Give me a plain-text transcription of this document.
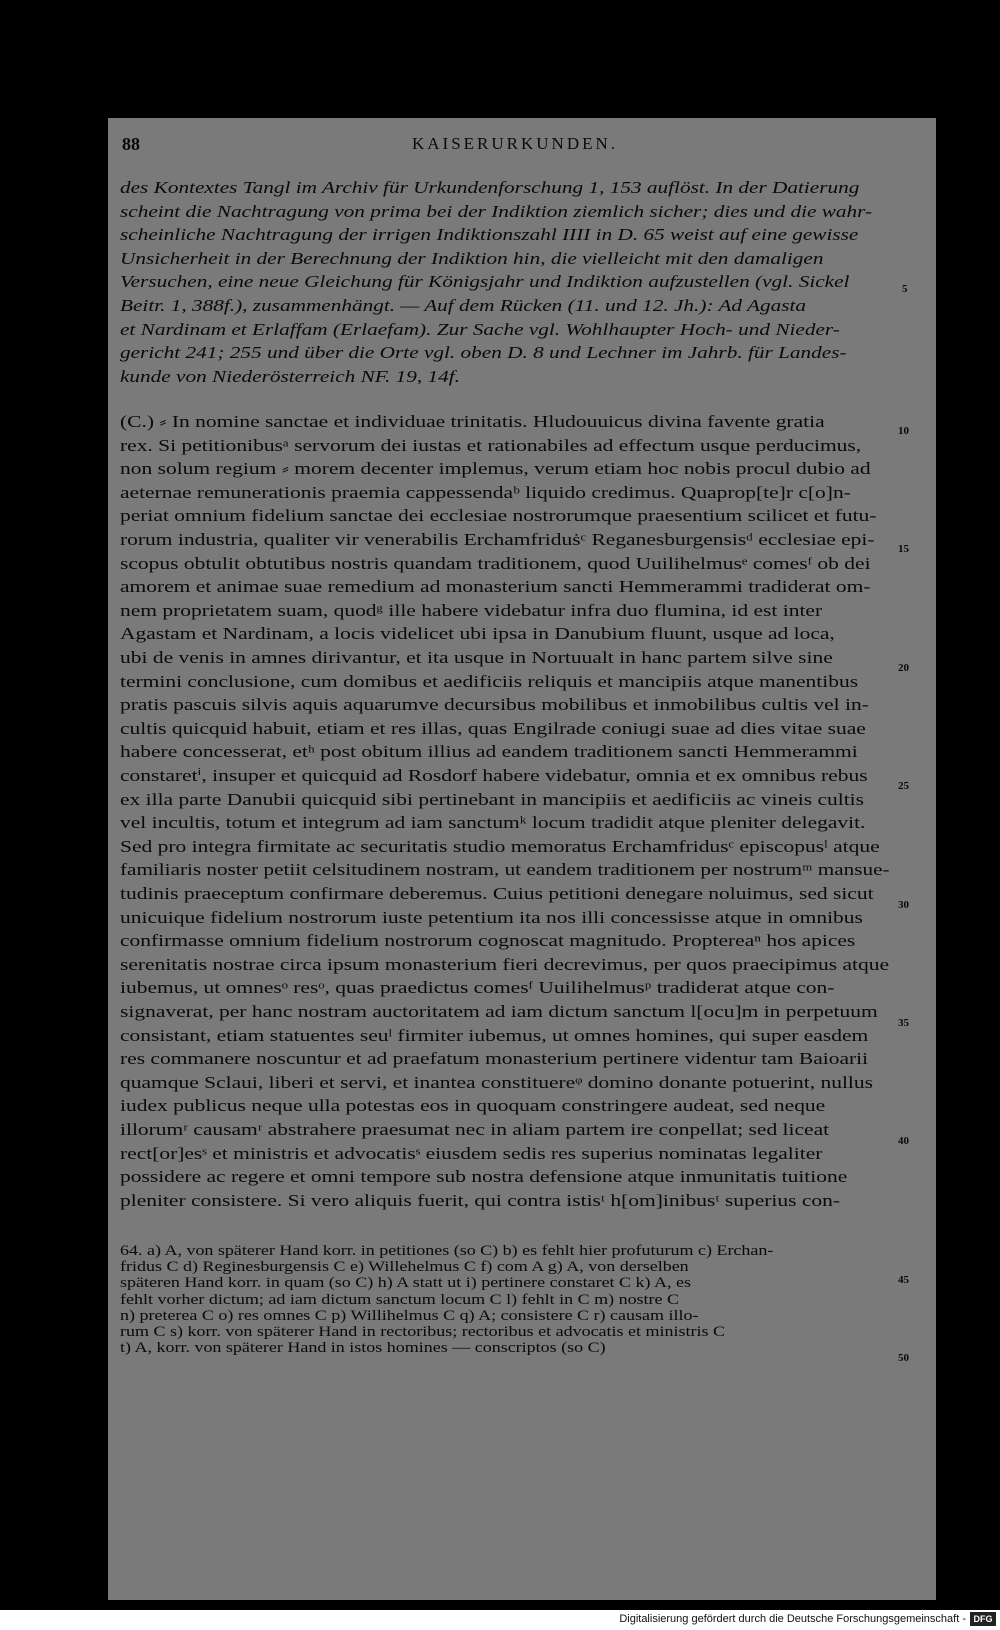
88	KAISERURKUNDEN.
des Kontextes Tangl im Archiv für Urkundenforschung 1, 153 auflöst. In der Datierung
scheint die Nachtragung von prima bei der Indiktion ziemlich sicher; dies und die wahr-
scheinliche Nachtragung der irrigen Indiktionszahl IIII in D. 65 weist auf eine gewisse
Unsicherheit in der Berechnung der Indiktion hin, die vielleicht mit den damaligen
Versuchen, eine neue Gleichung für Königsjahr und Indiktion aufzustellen (vgl. Sickel
Beitr. 1, 388f.), zusammenhängt. — Auf dem Rücken (11. und 12. Jh.): Ad Agasta
et Nardinam et Erlaffam (Erlaefam). Zur Sache vgl. Wohlhaupter Hoch- und Nieder-
gericht 241; 255 und über die Orte vgl. oben D. 8 und Lechner im Jahrb. für Landes-
kunde von Niederösterreich NF. 19, 14f.
(C.) ⸗ In nomine sanctae et individuae trinitatis. Hludouuicus divina favente gratia
rex. Si petitionibusᵃ servorum dei iustas et rationabiles ad effectum usque perducimus,
non solum regium ⸗ morem decenter implemus, verum etiam hoc nobis procul dubio ad
aeternae remunerationis praemia cappessendaᵇ liquido credimus. Quaprop[te]r c[o]n-
periat omnium fidelium sanctae dei ecclesiae nostrorumque praesentium scilicet et futu-
rorum industria, qualiter vir venerabilis Erchamfriduṡᶜ Reganesburgensisᵈ ecclesiae epi-
scopus obtulit obtutibus nostris quandam traditionem, quod Uuilihelmusᵉ comesᶠ ob dei
amorem et animae suae remedium ad monasterium sancti Hemmerammi tradiderat om-
nem proprietatem suam, quodᵍ ille habere videbatur infra duo flumina, id est inter
Agastam et Nardinam, a locis videlicet ubi ipsa in Danubium fluunt, usque ad loca,
ubi de venis in amnes dirivantur, et ita usque in Nortuualt in hanc partem silve sine
termini conclusione, cum domibus et aedificiis reliquis et mancipiis atque manentibus
pratis pascuis silvis aquis aquarumve decursibus mobilibus et inmobilibus cultis vel in-
cultis quicquid habuit, etiam et res illas, quas Engilrade coniugi suae ad dies vitae suae
habere concesserat, etʰ post obitum illius ad eandem traditionem sancti Hemmerammi
constaretⁱ, insuper et quicquid ad Rosdorf habere videbatur, omnia et ex omnibus rebus
ex illa parte Danubii quicquid sibi pertinebant in mancipiis et aedificiis ac vineis cultis
vel incultis, totum et integrum ad iam sanctumᵏ locum tradidit atque pleniter delegavit.
Sed pro integra firmitate ac securitatis studio memoratus Erchamfridusᶜ episcopusˡ atque
familiaris noster petiit celsitudinem nostram, ut eandem traditionem per nostrumᵐ mansue-
tudinis praeceptum confirmare deberemus. Cuius petitioni denegare noluimus, sed sicut
unicuique fidelium nostrorum iuste petentium ita nos illi concessisse atque in omnibus
confirmasse omnium fidelium nostrorum cognoscat magnitudo. Proptereaⁿ hos apices
serenitatis nostrae circa ipsum monasterium fieri decrevimus, per quos praecipimus atque
iubemus, ut omnesᵒ resᵒ, quas praedictus comesᶠ Uuilihelmusᵖ tradiderat atque con-
signaverat, per hanc nostram auctoritatem ad iam dictum sanctum l[ocu]m in perpetuum
consistant, etiam statuentes seuˡ firmiter iubemus, ut omnes homines, qui super easdem
res commanere noscuntur et ad praefatum monasterium pertinere videntur tam Baioarii
quamque Sclaui, liberi et servi, et inantea constituereᵠ domino donante potuerint, nullus
iudex publicus neque ulla potestas eos in quoquam constringere audeat, sed neque
illorumʳ causamʳ abstrahere praesumat nec in aliam partem ire conpellat; sed liceat
rect[or]esˢ et ministris et advocatisˢ eiusdem sedis res superius nominatas legaliter
possidere ac regere et omni tempore sub nostra defensione atque inmunitatis tuitione
pleniter consistere. Si vero aliquis fuerit, qui contra istisᵗ h[om]inibusᵗ superius con-
64. a) A, von späterer Hand korr. in petitiones (so C) b) es fehlt hier profuturum c) Erchan-
fridus C d) Reginesburgensis C e) Willehelmus C f) com A g) A, von derselben
späteren Hand korr. in quam (so C) h) A statt ut i) pertinere constaret C k) A, es
fehlt vorher dictum; ad iam dictum sanctum locum C l) fehlt in C m) nostre C
n) preterea C o) res omnes C p) Willihelmus C q) A; consistere C r) causam illo-
rum C s) korr. von späterer Hand in rectoribus; rectoribus et advocatis et ministris C
t) A, korr. von späterer Hand in istos homines — conscriptos (so C)
5
10
15
20
25
30
35
40
45
50
Digitalisierung gefördert durch die Deutsche Forschungsgemeinschaft - DFG
